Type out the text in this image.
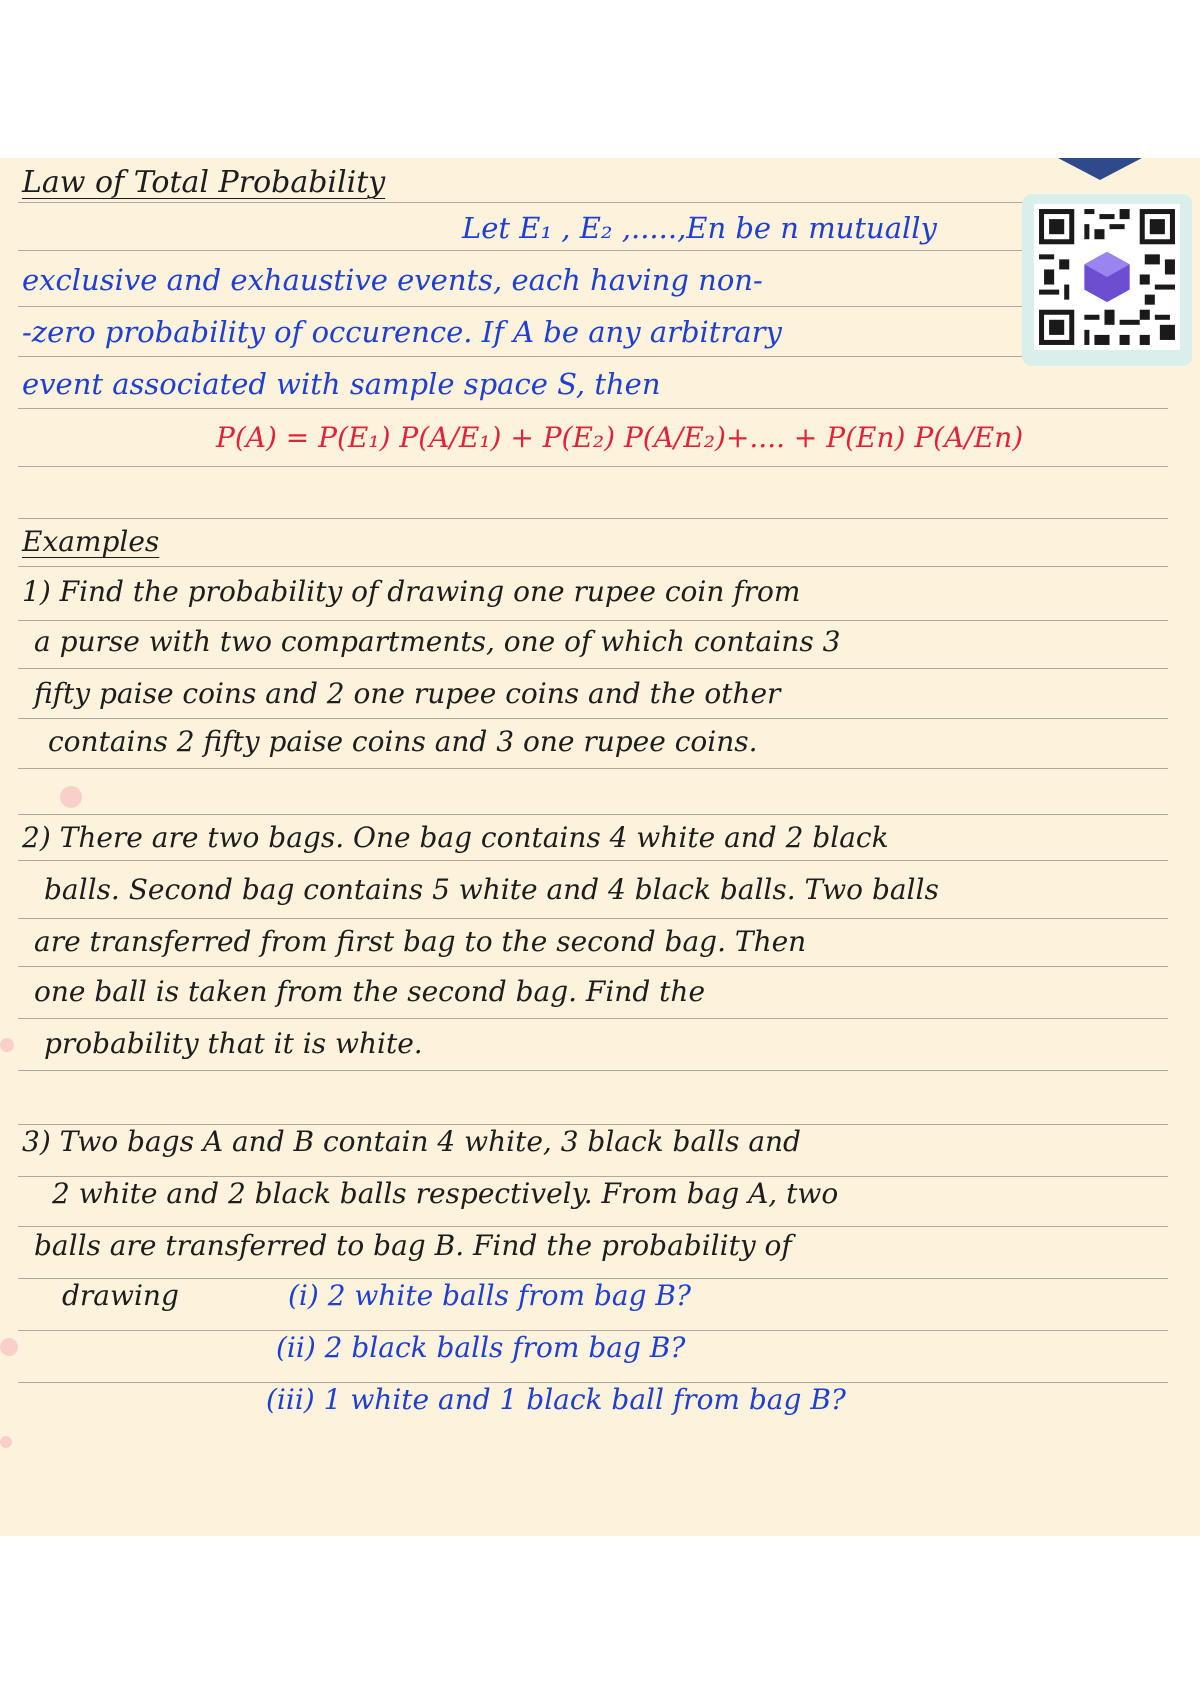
Law of Total Probability
Let E₁ , E₂ ,.....,En be n mutually
exclusive and exhaustive events, each having non-
-zero probability of occurence. If A be any arbitrary
event associated with sample space S, then
P(A) = P(E₁) P(A/E₁) + P(E₂) P(A/E₂)+.... + P(En) P(A/En)
Examples
1) Find the probability of drawing one rupee coin from
a purse with two compartments, one of which contains 3
fifty paise coins and 2 one rupee coins and the other
contains 2 fifty paise coins and 3 one rupee coins.
2) There are two bags. One bag contains 4 white and 2 black
balls. Second bag contains 5 white and 4 black balls. Two balls
are transferred from first bag to the second bag. Then
one ball is taken from the second bag. Find the
probability that it is white.
3) Two bags A and B contain 4 white, 3 black balls and
2 white and 2 black balls respectively. From bag A, two
balls are transferred to bag B. Find the probability of
drawing	(i) 2 white balls from bag B?
(ii) 2 black balls from bag B?
(iii) 1 white and 1 black ball from bag B?
